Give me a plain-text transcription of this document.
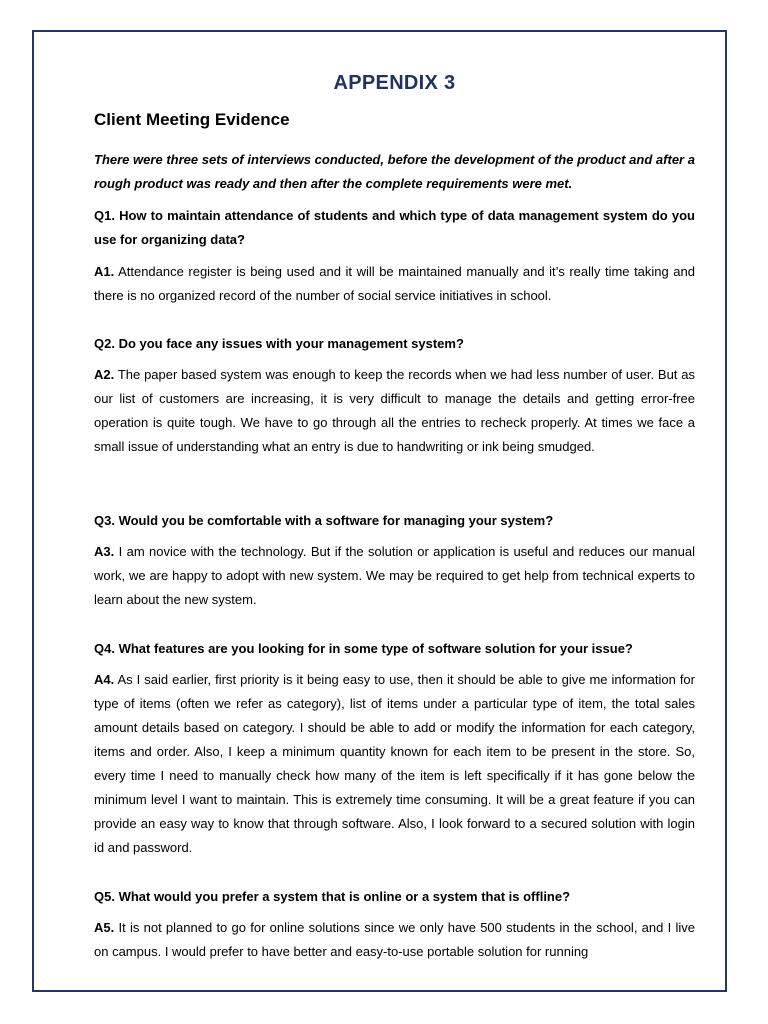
APPENDIX 3
Client Meeting Evidence

There were three sets of interviews conducted, before the development of the product and after a rough product was ready and then after the complete requirements were met.

Q1. How to maintain attendance of students and which type of data management system do you use for organizing data?

A1. Attendance register is being used and it will be maintained manually and it’s really time taking and there is no organized record of the number of social service initiatives in school.

Q2. Do you face any issues with your management system?

A2. The paper based system was enough to keep the records when we had less number of user. But as our list of customers are increasing, it is very difficult to manage the details and getting error-free operation is quite tough. We have to go through all the entries to recheck properly. At times we face a small issue of understanding what an entry is due to handwriting or ink being smudged.

Q3. Would you be comfortable with a software for managing your system?

A3. I am novice with the technology. But if the solution or application is useful and reduces our manual work, we are happy to adopt with new system. We may be required to get help from technical experts to learn about the new system.

Q4. What features are you looking for in some type of software solution for your issue?

A4. As I said earlier, first priority is it being easy to use, then it should be able to give me information for type of items (often we refer as category), list of items under a particular type of item, the total sales amount details based on category. I should be able to add or modify the information for each category, items and order. Also, I keep a minimum quantity known for each item to be present in the store. So, every time I need to manually check how many of the item is left specifically if it has gone below the minimum level I want to maintain. This is extremely time consuming. It will be a great feature if you can provide an easy way to know that through software. Also, I look forward to a secured solution with login id and password.

Q5. What would you prefer a system that is online or a system that is offline?

A5. It is not planned to go for online solutions since we only have 500 students in the school, and I live on campus. I would prefer to have better and easy-to-use portable solution for running
